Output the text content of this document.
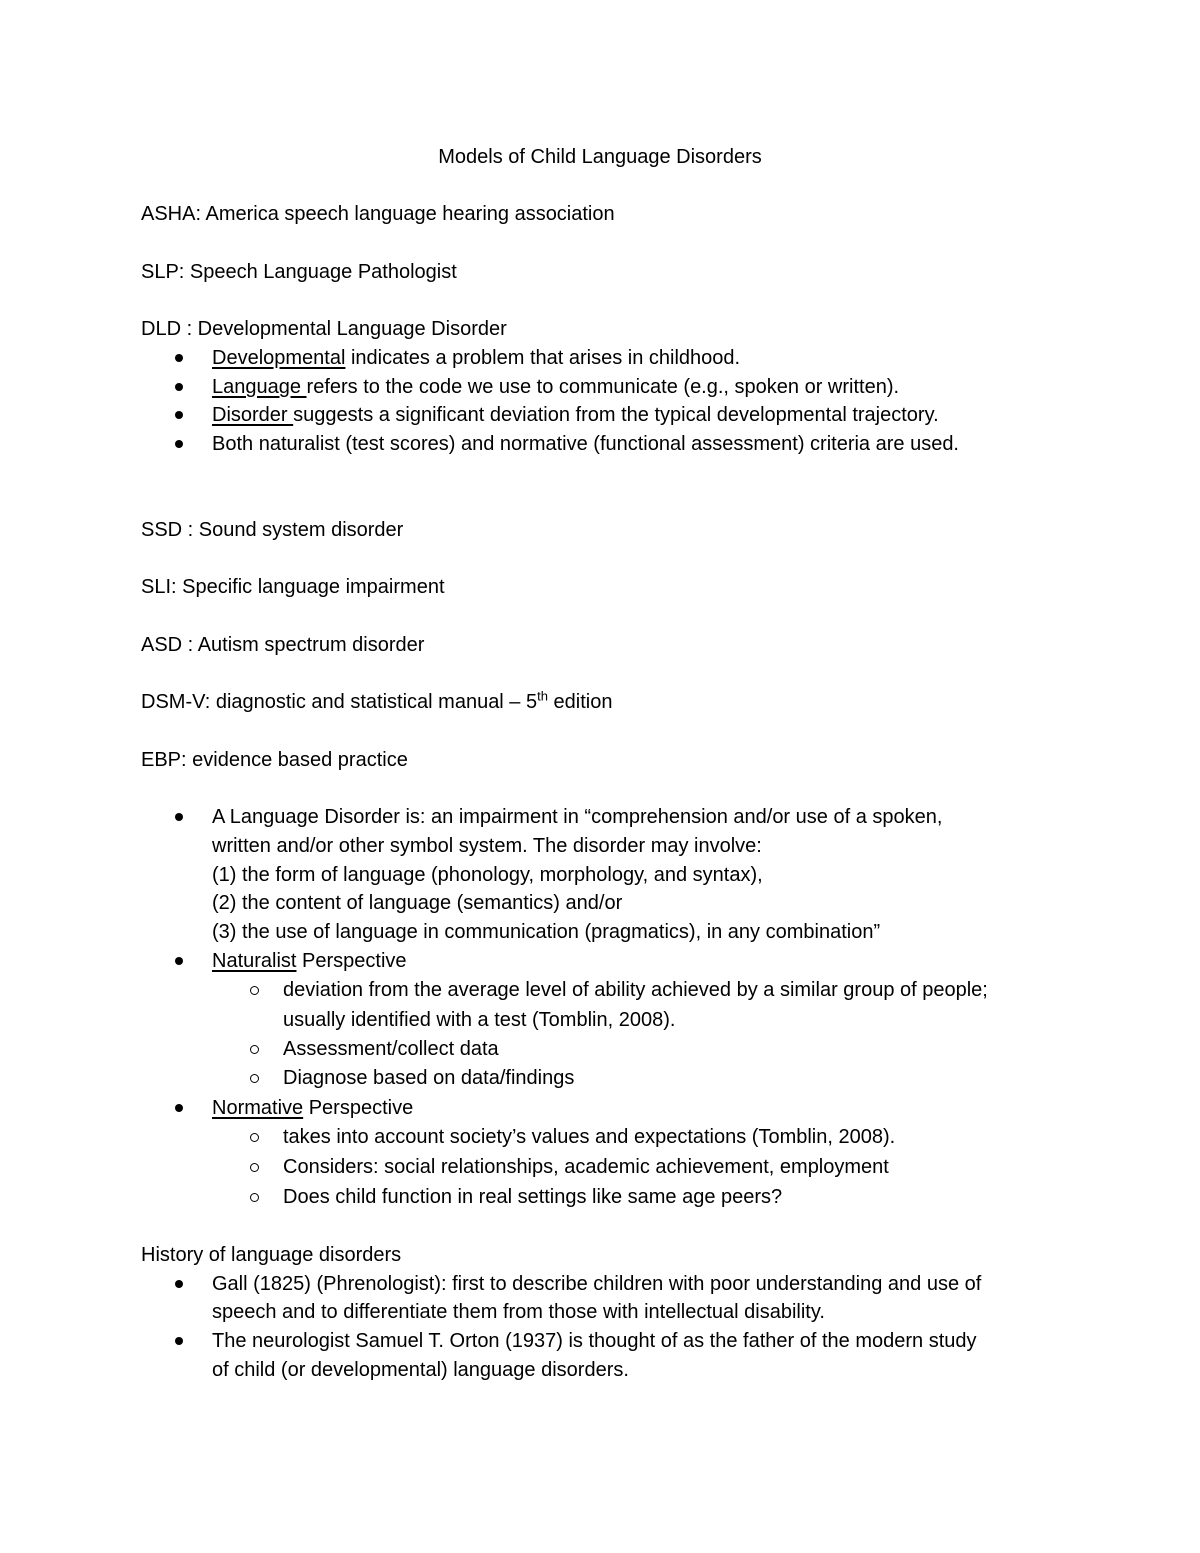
Models of Child Language Disorders
ASHA: America speech language hearing association
SLP: Speech Language Pathologist
DLD : Developmental Language Disorder
Developmental indicates a problem that arises in childhood.
Language refers to the code we use to communicate (e.g., spoken or written).
Disorder suggests a significant deviation from the typical developmental trajectory.
Both naturalist (test scores) and normative (functional assessment) criteria are used.
SSD : Sound system disorder
SLI: Specific language impairment
ASD : Autism spectrum disorder
DSM-V: diagnostic and statistical manual – 5th edition
EBP: evidence based practice
A Language Disorder is: an impairment in “comprehension and/or use of a spoken,
written and/or other symbol system. The disorder may involve:
(1) the form of language (phonology, morphology, and syntax),
(2) the content of language (semantics) and/or
(3) the use of language in communication (pragmatics), in any combination”
Naturalist Perspective
deviation from the average level of ability achieved by a similar group of people;
usually identified with a test (Tomblin, 2008).
Assessment/collect data
Diagnose based on data/findings
Normative Perspective
takes into account society’s values and expectations (Tomblin, 2008).
Considers: social relationships, academic achievement, employment
Does child function in real settings like same age peers?
History of language disorders
Gall (1825) (Phrenologist): first to describe children with poor understanding and use of
speech and to differentiate them from those with intellectual disability.
The neurologist Samuel T. Orton (1937) is thought of as the father of the modern study
of child (or developmental) language disorders.
